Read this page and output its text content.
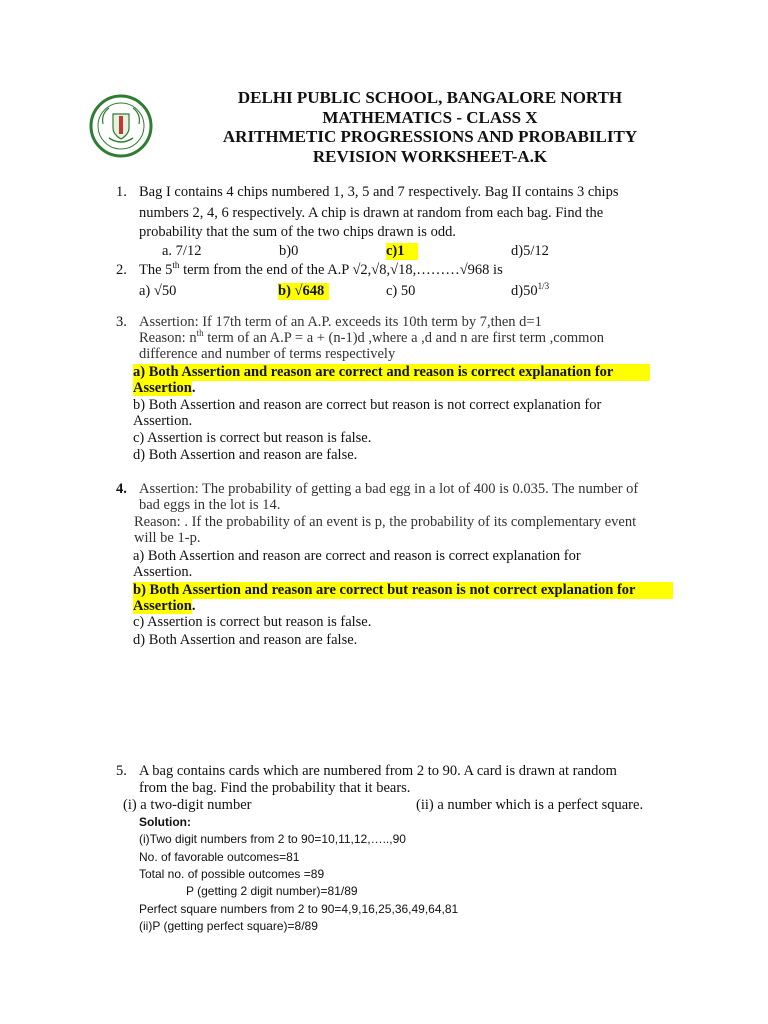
DELHI PUBLIC SCHOOL, BANGALORE NORTH
MATHEMATICS - CLASS X
ARITHMETIC PROGRESSIONS AND PROBABILITY
REVISION WORKSHEET-A.K
1. Bag I contains 4 chips numbered 1, 3, 5 and 7 respectively. Bag II contains 3 chips
numbers 2, 4, 6 respectively. A chip is drawn at random from each bag. Find the
probability that the sum of the two chips drawn is odd.
a. 7/12	b)0	c)1	d)5/12
2. The 5th term from the end of the A.P √2,√8,√18,………√968 is
a) √50	b) √648	c) 50	$d)50^{1/3}$
3. Assertion: If 17th term of an A.P. exceeds its 10th term by 7,then d=1
Reason: $n^{th}$ term of an A.P = a + (n-1)d ,where a ,d and n are first term ,common
difference and number of terms respectively
a) Both Assertion and reason are correct and reason is correct explanation for
Assertion.
b) Both Assertion and reason are correct but reason is not correct explanation for
Assertion.
c) Assertion is correct but reason is false.
d) Both Assertion and reason are false.
4. Assertion: The probability of getting a bad egg in a lot of 400 is 0.035. The number of
bad eggs in the lot is 14.
Reason: . If the probability of an event is p, the probability of its complementary event
will be 1-p.
a) Both Assertion and reason are correct and reason is correct explanation for
Assertion.
b) Both Assertion and reason are correct but reason is not correct explanation for
Assertion.
c) Assertion is correct but reason is false.
d) Both Assertion and reason are false.
5. A bag contains cards which are numbered from 2 to 90. A card is drawn at random
from the bag. Find the probability that it bears.
(i) a two-digit number	(ii) a number which is a perfect square.
Solution:
(i)Two digit numbers from 2 to 90=10,11,12,…..,90
No. of favorable outcomes=81
Total no. of possible outcomes =89
P (getting 2 digit number)=81/89
Perfect square numbers from 2 to 90=4,9,16,25,36,49,64,81
(ii)P (getting perfect square)=8/89
